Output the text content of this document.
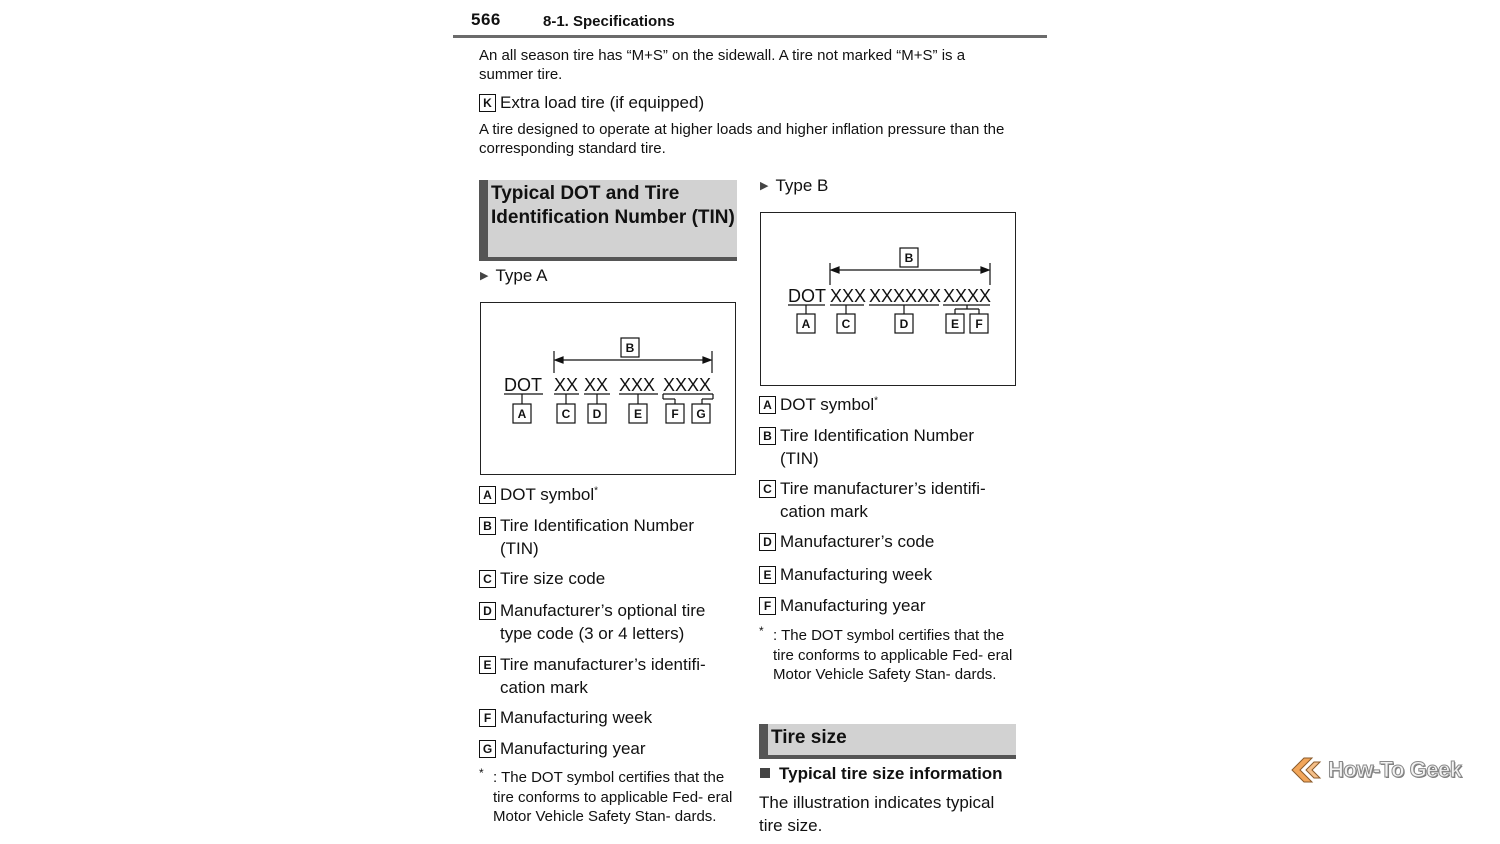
566	8-1. Specifications
An all season tire has “M+S” on the sidewall. A tire not marked “M+S” is a summer tire.
K Extra load tire (if equipped)
A tire designed to operate at higher loads and higher inflation pressure than the corresponding standard tire.
Typical DOT and Tire Identification Number (TIN)
▶ Type A
DOT XX XX XXX XXXX
B
A	C D	E F G
A DOT symbol*
B Tire Identification Number (TIN)
C Tire size code
D Manufacturer’s optional tire type code (3 or 4 letters)
E Tire manufacturer’s identifi- cation mark
F Manufacturing week
G Manufacturing year
* : The DOT symbol certifies that the tire conforms to applicable Fed- eral Motor Vehicle Safety Stan- dards.
▶ Type B
DOT XXX XXXXXX XXXX
B
A	C	D	E F
A DOT symbol*
B Tire Identification Number (TIN)
C Tire manufacturer’s identifi- cation mark
D Manufacturer’s code
E Manufacturing week
F Manufacturing year
* : The DOT symbol certifies that the tire conforms to applicable Fed- eral Motor Vehicle Safety Stan- dards.
Tire size
Typical tire size information
The illustration indicates typical tire size.
How-To Geek
